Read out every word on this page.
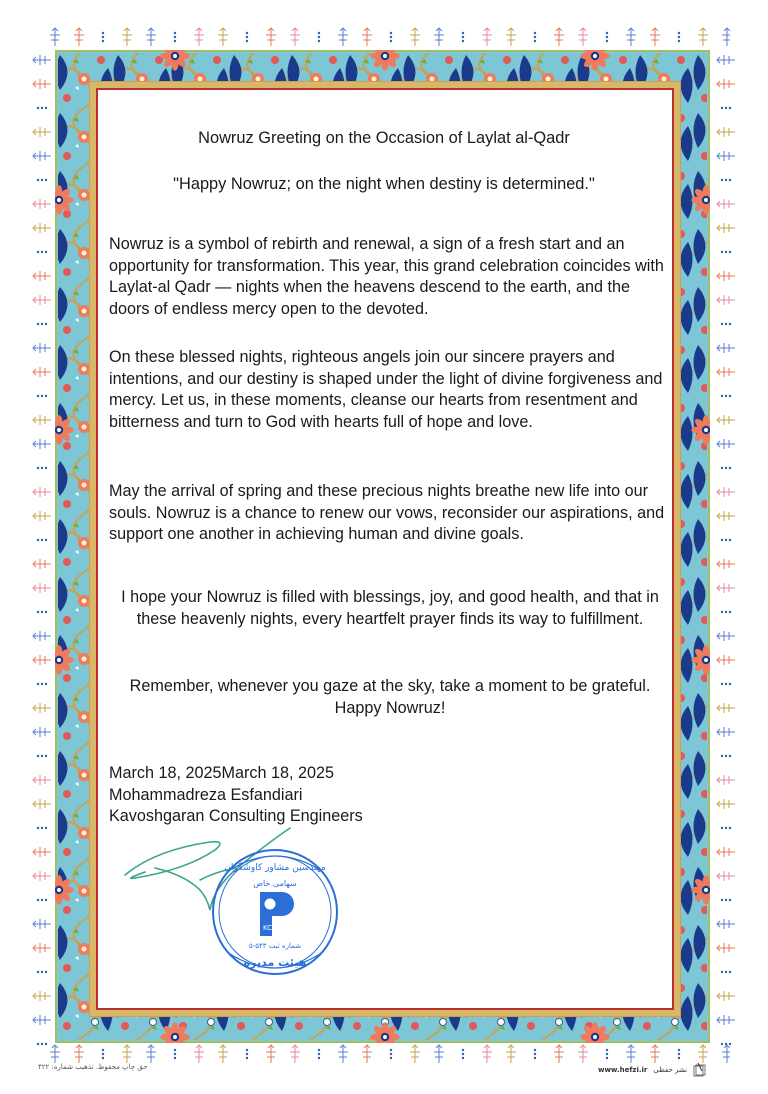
Nowruz Greeting on the Occasion of Laylat al-Qadr
"Happy Nowruz; on the night when destiny is determined."
Nowruz is a symbol of rebirth and renewal, a sign of a fresh start and an opportunity for transformation. This year, this grand celebration coincides with Laylat-al Qadr — nights when the heavens descend to the earth, and the doors of endless mercy open to the devoted.
On these blessed nights, righteous angels join our sincere prayers and intentions, and our destiny is shaped under the light of divine forgiveness and mercy. Let us, in these moments, cleanse our hearts from resentment and bitterness and turn to God with hearts full of hope and love.
May the arrival of spring and these precious nights breathe new life into our souls. Nowruz is a chance to renew our vows, reconsider our aspirations, and support one another in achieving human and divine goals.
I hope your Nowruz is filled with blessings, joy, and good health, and that in these heavenly nights, every heartfelt prayer finds its way to fulfillment.
Remember, whenever you gaze at the sky, take a moment to be grateful. Happy Nowruz!
March 18, 2025March 18, 2025
Mohammadreza Esfandiari
Kavoshgaran Consulting Engineers
مهندسین مشاور کاوشگران
سهامی خاص
KCE
شماره ثبت ۵۴۳-۵
هیئت مدیره
حق چاپ محفوظ. تذهیب شماره: ۴۲۲	www.hefzi.ir نشر حفظی
